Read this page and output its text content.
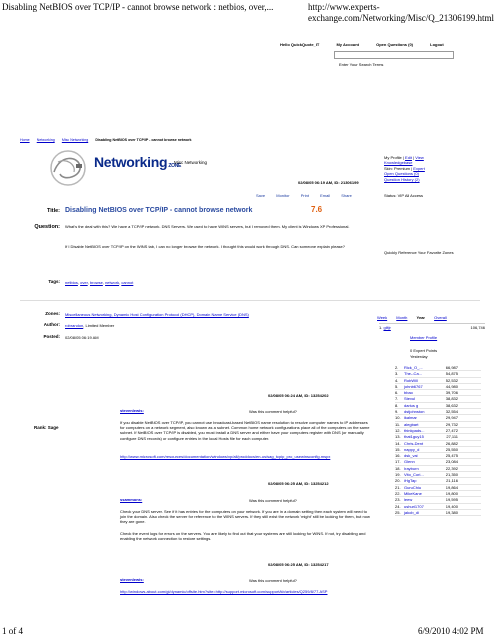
Disabling NetBIOS over TCP/IP - cannot browse network : netbios, over,...	http://www.experts-exchange.com/Networking/Misc/Q_21306199.html
Hello QuickQuote_IT	My Account	Open Questions (0)	Logout
Enter Your Search Terms
Home Networking Misc Networking Disabling NetBIOS over TCP/IP - cannot browse network
Networking ZONE
Misc Networking
02/08/05 06:19 AM, ID: 21306199
My Profile | Edit | View
Knowledgebase
Skin: Premium | Expert
Open Questions (0)
Question History (2)
Status: VIP All Access
Save	Monitor	Print	Email	Share
Title: Disabling NetBIOS over TCP/IP - cannot browse network	7.6
Question: What's the deal with this? We have a TCP/IP network. DNS Servers. We used to have WINS servers, but I removed them. My client is Windows XP Professional.
If I Disable NetBIOS over TCP/IP on the WINS tab, I can no longer browse the network. I thought this would work through DNS. Can someone explain please?
Quickly Reference Your Favorite Zones
Tags: netbios, over, browse, network, cannot
Zones: Miscellaneous Networking, Dynamic Host Configuration Protocol (DHCP), Domain Name Service (DNS)
Author: robrandon, Limited Member
Posted: 02/08/05 06:19 AM
Week Month Year Overall
1. giltjr	106,746
Member Profile
0 Expert Points
Yesterday
2. Rick_O_...	66,987
3. The--Ca...	54,875
4. RobWill	52,532
5. johnb6767	44,980
6. bbao	39,706
7. StevuI	38,832
8. darius g	38,632
9. dstjohnston	32,554
10. ikalmar	29,947
11. alegbart	29,732
12. thinkpads...	27,472
13. that1guy15	27,111
14. Chris-Dent	26,882
15. nappy_d	25,550
16. dsk_vai	25,475
17. Glenn	23,084
18. Irayburn	22,392
19. Vito_Cori...	21,350
20. iHgTap	21,116
21. GuruChiu	19,864
22. MikeKane	19,800
23. leew	19,595
24. ushuri1707	19,400
25. jakob_di	19,380
Rank: Sage
02/08/05 06:24 AM, ID: 13254202
stevenlewis:	Was this comment helpful?
If you disable NetBIOS over TCP/IP, you cannot use broadcast-based NetBIOS name resolution to resolve computer names to IP addresses for computers on a network segment, also known as a subnet. Common home network configurations place all of the computers on the same subnet. If NetBIOS over TCP/IP is disabled, you must install a DNS server and either have your computers register with DNS (or manually configure DNS records) or configure entries in the local Hosts file for each computer.
http://www.microsoft.com/resources/documentation/windows/xp/all/proddocs/en-us/sag_tcpip_pro_usewinsconfig.mspx
02/08/05 06:25 AM, ID: 13254212
ssammons:	Was this comment helpful?
Check your DNS server. See if it has entries for the computers on your network. If you are in a domain setting then each system will need to join the domain. Also check the server for reference to the WINS servers. If they still exist the network 'might' still be looking for them, but now they are gone.
Check the event logs for errors on the servers. You are likely to find out that your systems are still looking for WINS. If not, try disabling and enabling the network connection to restore settings.
02/08/05 06:25 AM, ID: 13254217
stevenlewis:	Was this comment helpful?
http://windows.about.com/gi/dynamic/offsite.htm?site=http://support.microsoft.com/support/kb/articles/Q259/8/77.ASP
1 of 4	6/9/2010 4:02 PM
